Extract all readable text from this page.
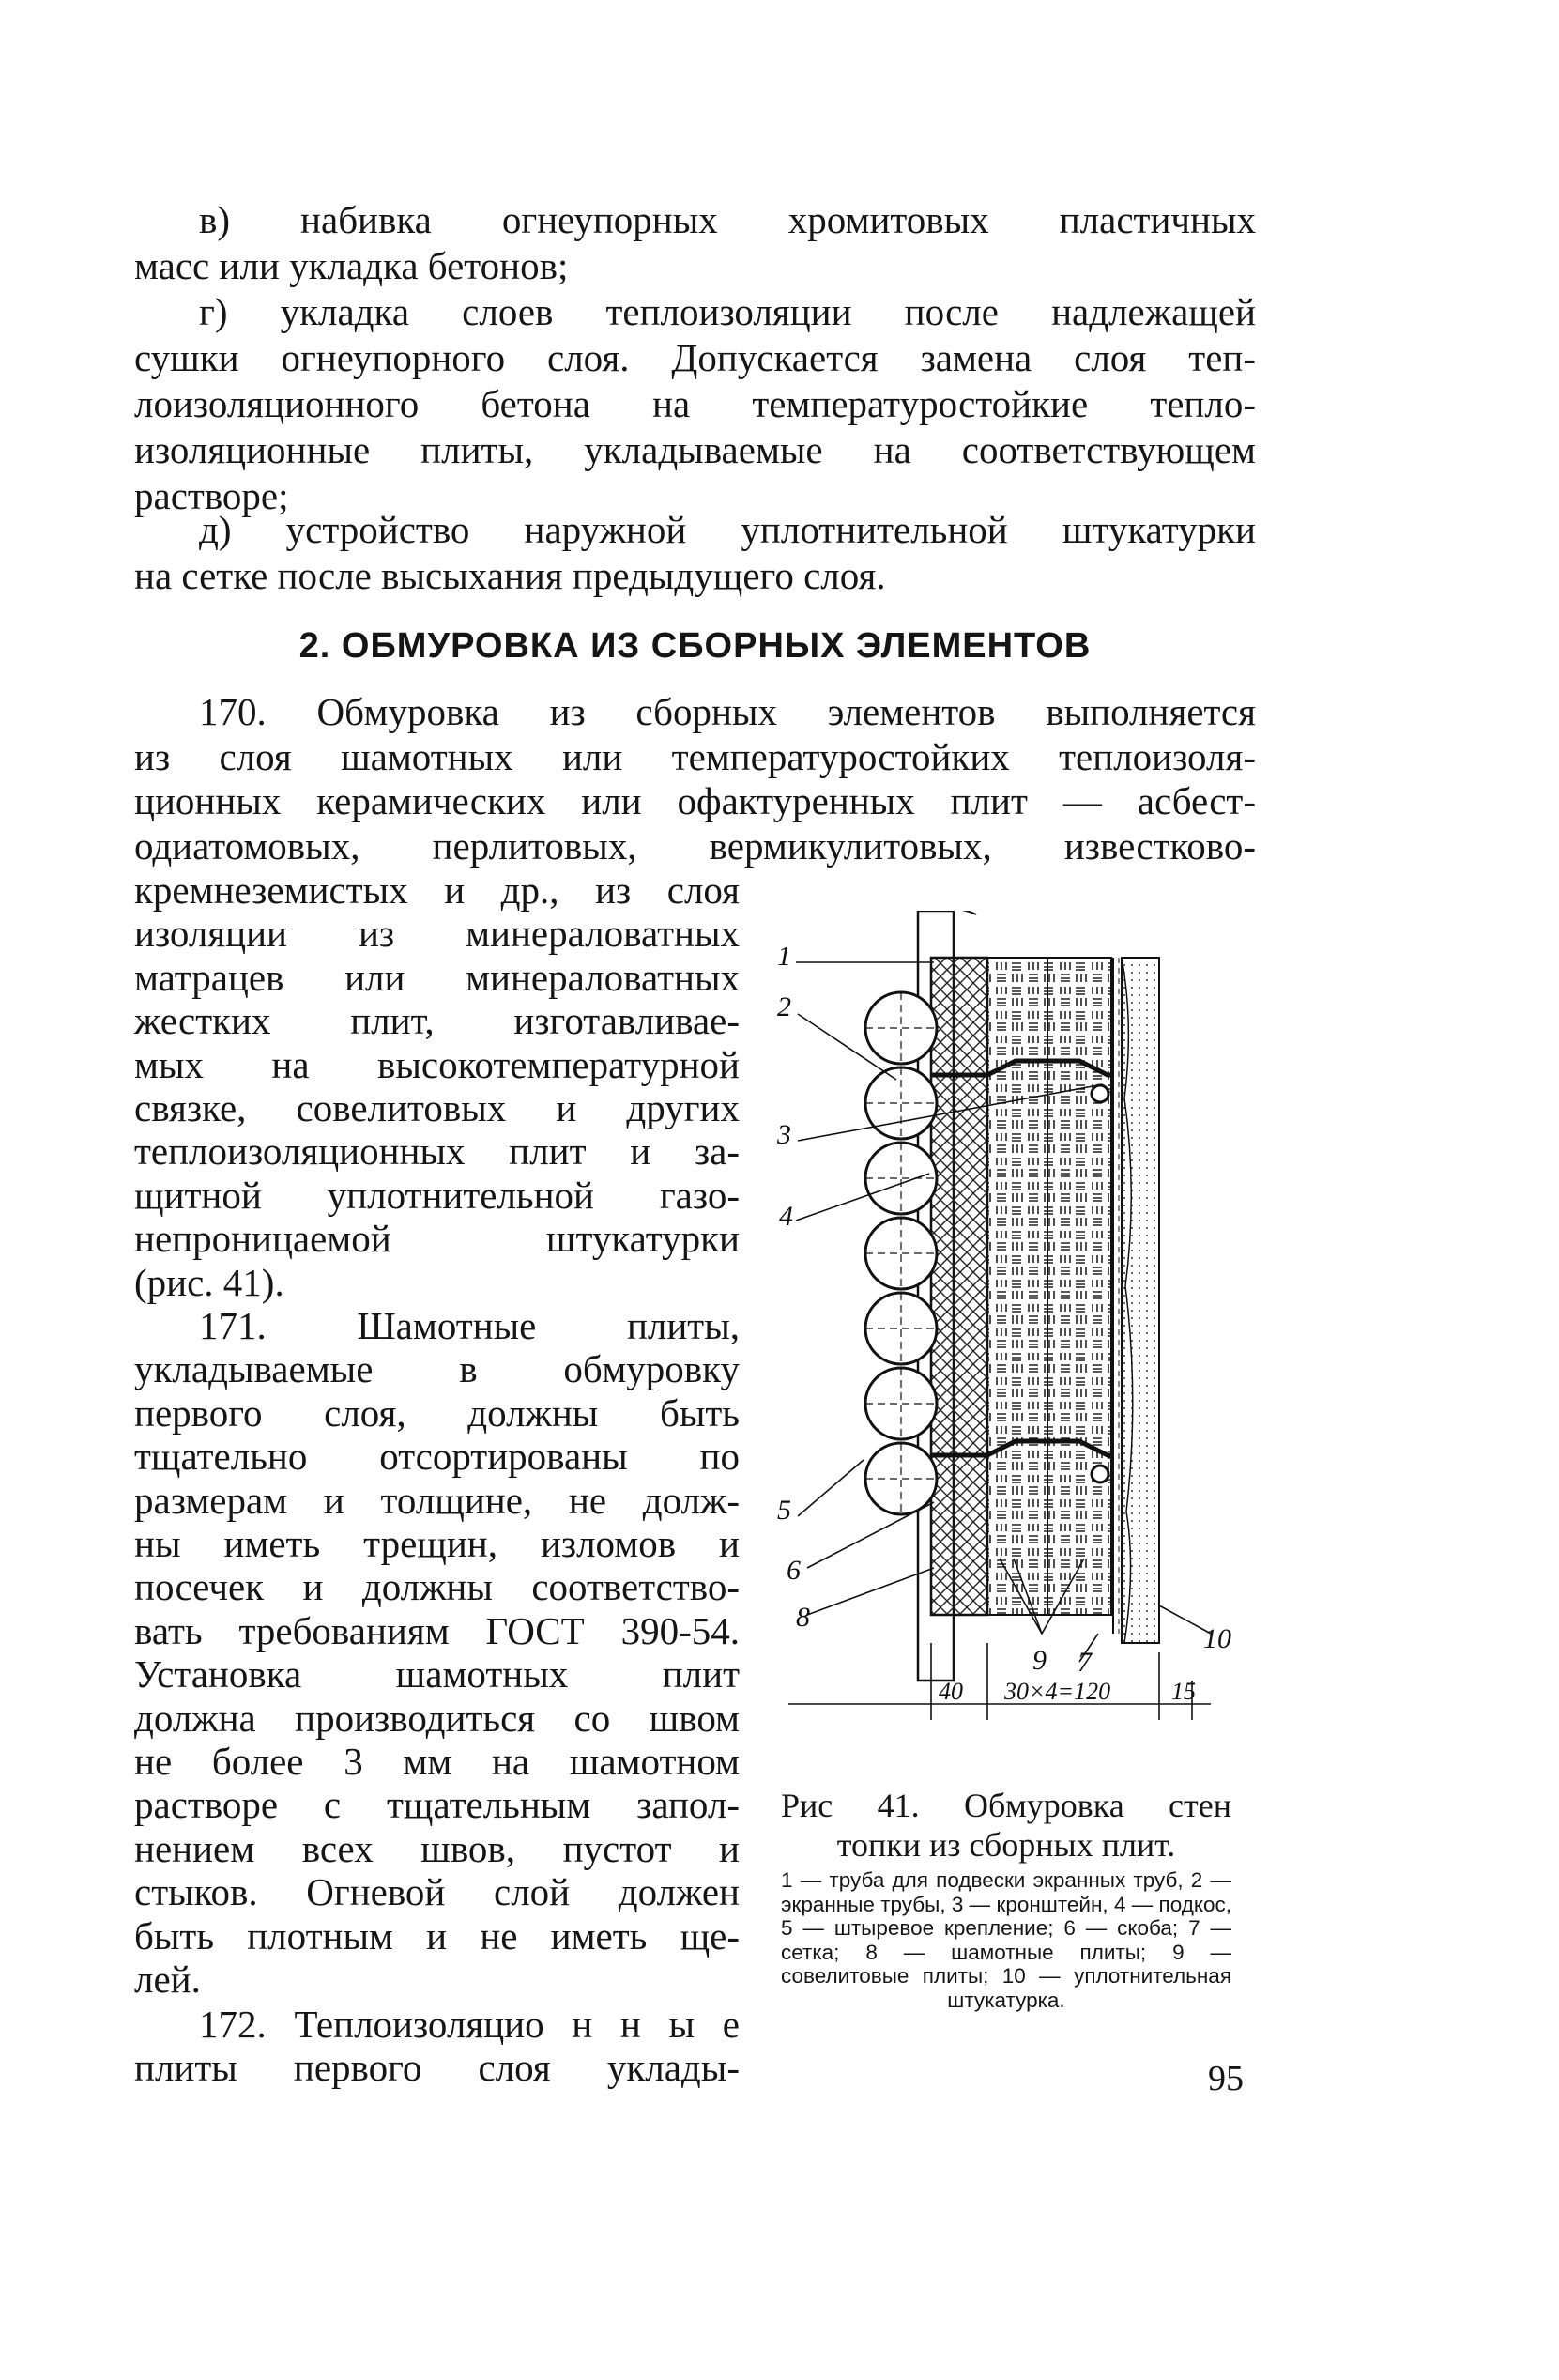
в) набивка огнеупорных хромитовых пластичных
масс или укладка бетонов;
г) укладка слоев теплоизоляции после надлежащей
сушки огнеупорного слоя. Допускается замена слоя теп-
лоизоляционного бетона на температуростойкие тепло-
изоляционные плиты, укладываемые на соответствующем
растворе;
д) устройство наружной уплотнительной штукатурки
на сетке после высыхания предыдущего слоя.
2. ОБМУРОВКА ИЗ СБОРНЫХ ЭЛЕМЕНТОВ
170. Обмуровка из сборных элементов выполняется
из слоя шамотных или температуростойких теплоизоля-
ционных керамических или офактуренных плит — асбест-
одиатомовых, перлитовых, вермикулитовых, известково-
кремнеземистых и др., из слоя
изоляции из минераловатных
матрацев или минераловатных
жестких плит, изготавливае-
мых на высокотемпературной
связке, совелитовых и других
теплоизоляционных плит и за-
щитной уплотнительной газо-
непроницаемой штукатурки
(рис. 41).
171. Шамотные плиты,
укладываемые в обмуровку
первого слоя, должны быть
тщательно отсортированы по
размерам и толщине, не долж-
ны иметь трещин, изломов и
посечек и должны соответство-
вать требованиям ГОСТ 390-54.
Установка шамотных плит
должна производиться со швом
не более 3 мм на шамотном
растворе с тщательным запол-
нением всех швов, пустот и
стыков. Огневой слой должен
быть плотным и не иметь ще-
лей.
172. Теплоизоляцио н н ы е
плиты первого слоя уклады-
1
2
3
4
5
6
8
9 7
10
40 30×4=120 15
Рис 41. Обмуровка стен
топки из сборных плит.
1 — труба для подвески экранных труб, 2 — экранные трубы, 3 — кронштейн, 4 — подкос, 5 — штыревое крепление; 6 — скоба; 7 — сетка; 8 — шамотные плиты; 9 — совелитовые плиты; 10 — уплотнительная штукатурка.
95
